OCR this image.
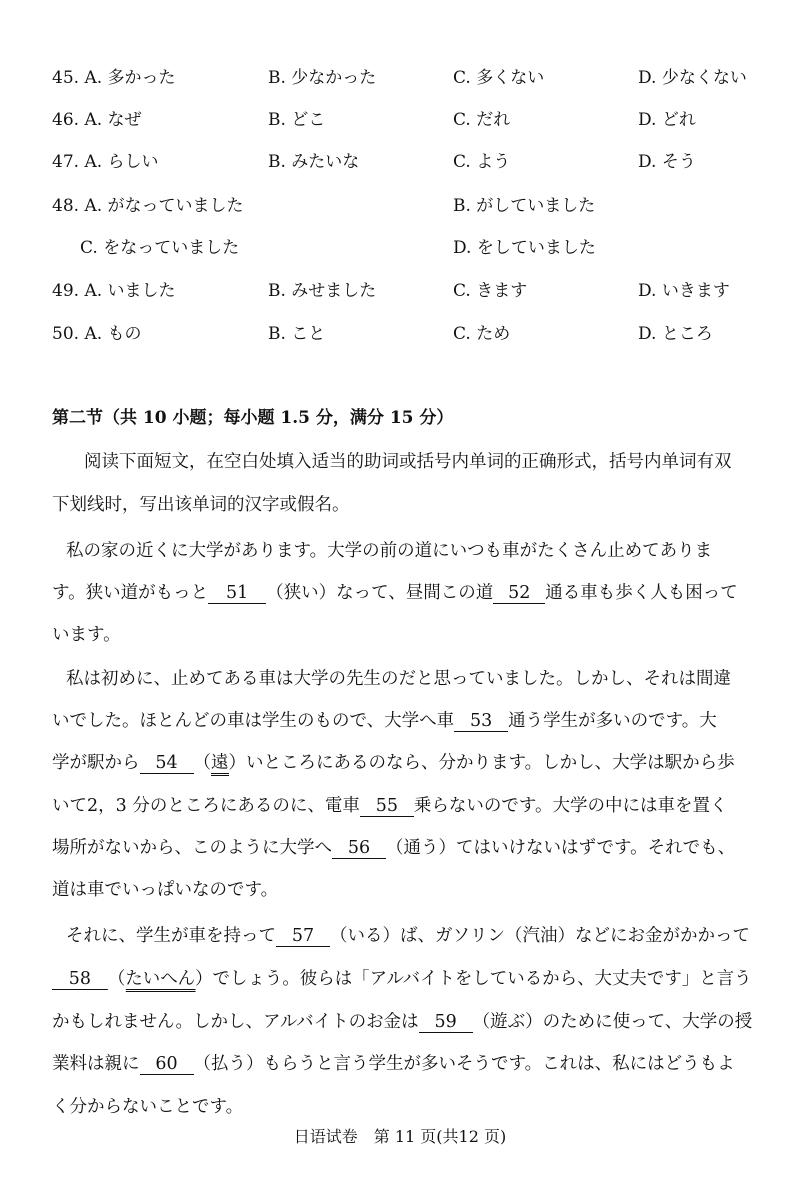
45. A. 多かった	B. 少なかった	C. 多くない	D. 少なくない
46. A. なぜ	B. どこ	C. だれ	D. どれ
47. A. らしい	B. みたいな	C. よう	D. そう
48. A. がなっていました	B. がしていました
C. をなっていました	D. をしていました
49. A. いました	B. みせました	C. きます	D. いきます
50. A. もの	B. こと	C. ため	D. ところ
第二节（共 10 小题；每小题 1.5 分，满分 15 分）
阅读下面短文，在空白处填入适当的助词或括号内单词的正确形式，括号内单词有双
下划线时，写出该单词的汉字或假名。
私の家の近くに大学があります。大学の前の道にいつも車がたくさん止めてありま
す。狭い道がもっと 51 （狭い）なって、昼間この道 52 通る車も歩く人も困って
います。
私は初めに、止めてある車は大学の先生のだと思っていました。しかし、それは間違
いでした。ほとんどの車は学生のもので、大学へ車 53 通う学生が多いのです。大
学が駅から 54 （遠）いところにあるのなら、分かります。しかし、大学は駅から歩
いて2，3 分のところにあるのに、電車 55 乗らないのです。大学の中には車を置く
場所がないから、このように大学へ 56 （通う）てはいけないはずです。それでも、
道は車でいっぱいなのです。
それに、学生が車を持って 57 （いる）ば、ガソリン（汽油）などにお金がかかって
58 （たいへん）でしょう。彼らは「アルバイトをしているから、大丈夫です」と言う
かもしれません。しかし、アルバイトのお金は 59 （遊ぶ）のために使って、大学の授
業料は親に 60 （払う）もらうと言う学生が多いそうです。これは、私にはどうもよ
く分からないことです。
日语试卷　第 11 页(共12 页)
